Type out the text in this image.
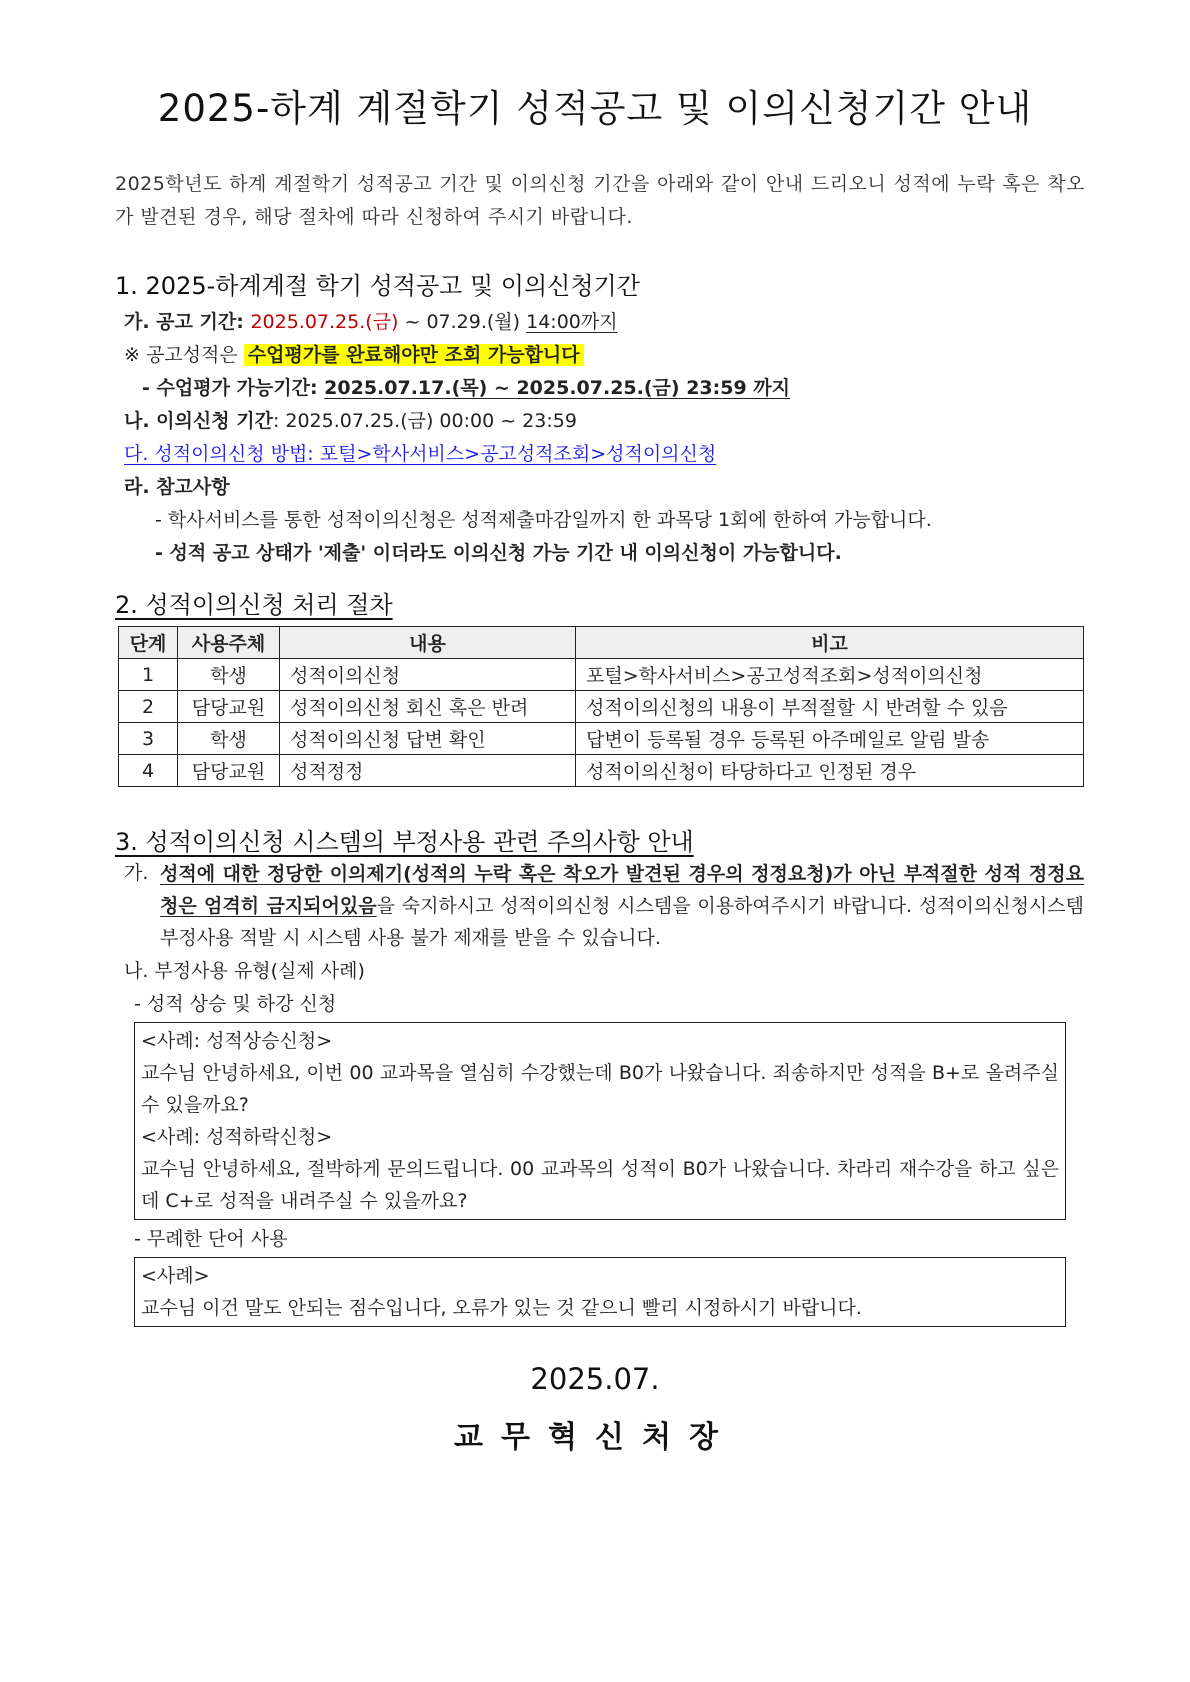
2025-하계 계절학기 성적공고 및 이의신청기간 안내
2025학년도 하계 계절학기 성적공고 기간 및 이의신청 기간을 아래와 같이 안내 드리오니 성적에 누락 혹은 착오가 발견된 경우, 해당 절차에 따라 신청하여 주시기 바랍니다.
1. 2025-하계계절 학기 성적공고 및 이의신청기간
가. 공고 기간: 2025.07.25.(금) ~ 07.29.(월) 14:00까지
※ 공고성적은 수업평가를 완료해야만 조회 가능합니다
- 수업평가 가능기간: 2025.07.17.(목) ~ 2025.07.25.(금) 23:59 까지
나. 이의신청 기간: 2025.07.25.(금) 00:00 ~ 23:59
다. 성적이의신청 방법: 포털>학사서비스>공고성적조회>성적이의신청
라. 참고사항
- 학사서비스를 통한 성적이의신청은 성적제출마감일까지 한 과목당 1회에 한하여 가능합니다.
- 성적 공고 상태가 '제출' 이더라도 이의신청 가능 기간 내 이의신청이 가능합니다.
2. 성적이의신청 처리 절차
단계	사용주체	내용	비고
1	학생	성적이의신청	포털>학사서비스>공고성적조회>성적이의신청
2	담당교원	성적이의신청 회신 혹은 반려	성적이의신청의 내용이 부적절할 시 반려할 수 있음
3	학생	성적이의신청 답변 확인	답변이 등록될 경우 등록된 아주메일로 알림 발송
4	담당교원	성적정정	성적이의신청이 타당하다고 인정된 경우
3. 성적이의신청 시스템의 부정사용 관련 주의사항 안내
가. 성적에 대한 정당한 이의제기(성적의 누락 혹은 착오가 발견된 경우의 정정요청)가 아닌 부적절한 성적 정정요청은 엄격히 금지되어있음을 숙지하시고 성적이의신청 시스템을 이용하여주시기 바랍니다. 성적이의신청시스템 부정사용 적발 시 시스템 사용 불가 제재를 받을 수 있습니다.
나. 부정사용 유형(실제 사례)
- 성적 상승 및 하강 신청
<사례: 성적상승신청>
교수님 안녕하세요, 이번 00 교과목을 열심히 수강했는데 B0가 나왔습니다. 죄송하지만 성적을 B+로 올려주실 수 있을까요?
<사례: 성적하락신청>
교수님 안녕하세요, 절박하게 문의드립니다. 00 교과목의 성적이 B0가 나왔습니다. 차라리 재수강을 하고 싶은데 C+로 성적을 내려주실 수 있을까요?
- 무례한 단어 사용
<사례>
교수님 이건 말도 안되는 점수입니다, 오류가 있는 것 같으니 빨리 시정하시기 바랍니다.
2025.07.
교무혁신처장
